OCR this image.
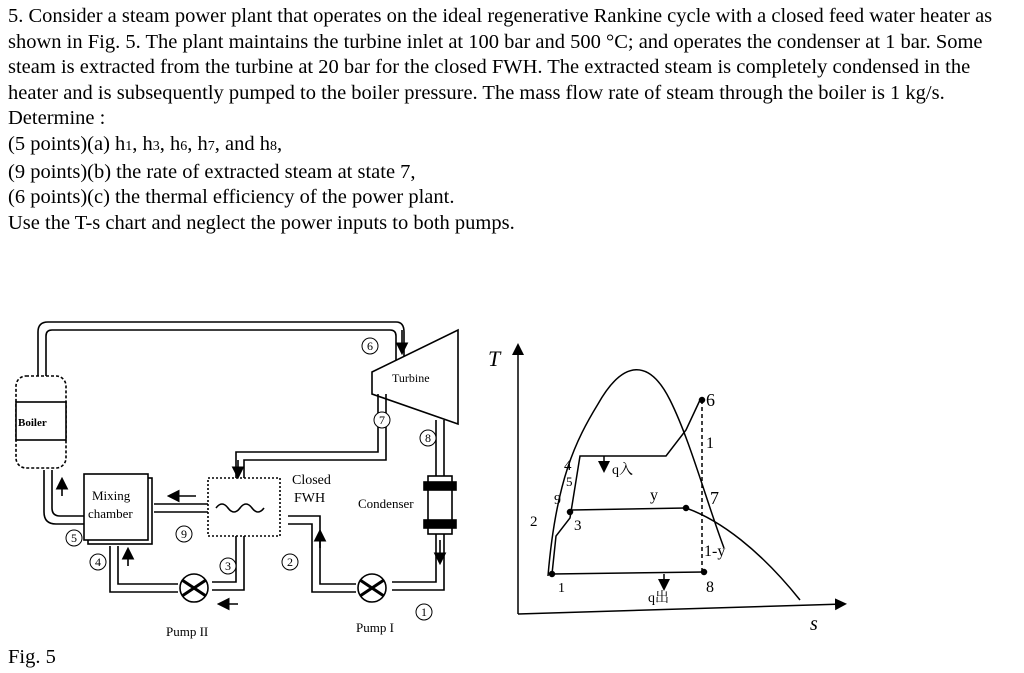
5. Consider a steam power plant that operates on the ideal regenerative Rankine cycle with a closed feed water heater as shown in Fig. 5. The plant maintains the turbine inlet at 100 bar and 500 °C; and operates the condenser at 1 bar. Some steam is extracted from the turbine at 20 bar for the closed FWH. The extracted steam is completely condensed in the heater and is subsequently pumped to the boiler pressure. The mass flow rate of steam through the boiler is 1 kg/s.

Determine :

(5 points)(a) h1, h3, h6, h7, and h8,

(9 points)(b) the rate of extracted steam at state 7,

(6 points)(c) the thermal efficiency of the power plant.

Use the T-s chart and neglect the power inputs to both pumps.

6
7
8
5	9
4	3	2
1
Boiler
Turbine
Mixing
chamber
Closed
FWH	Condenser
Pump II	Pump I
T
s
1
2 3
4
5
6
7
8
9
q入
q出
y
1-y
1
Fig. 5
